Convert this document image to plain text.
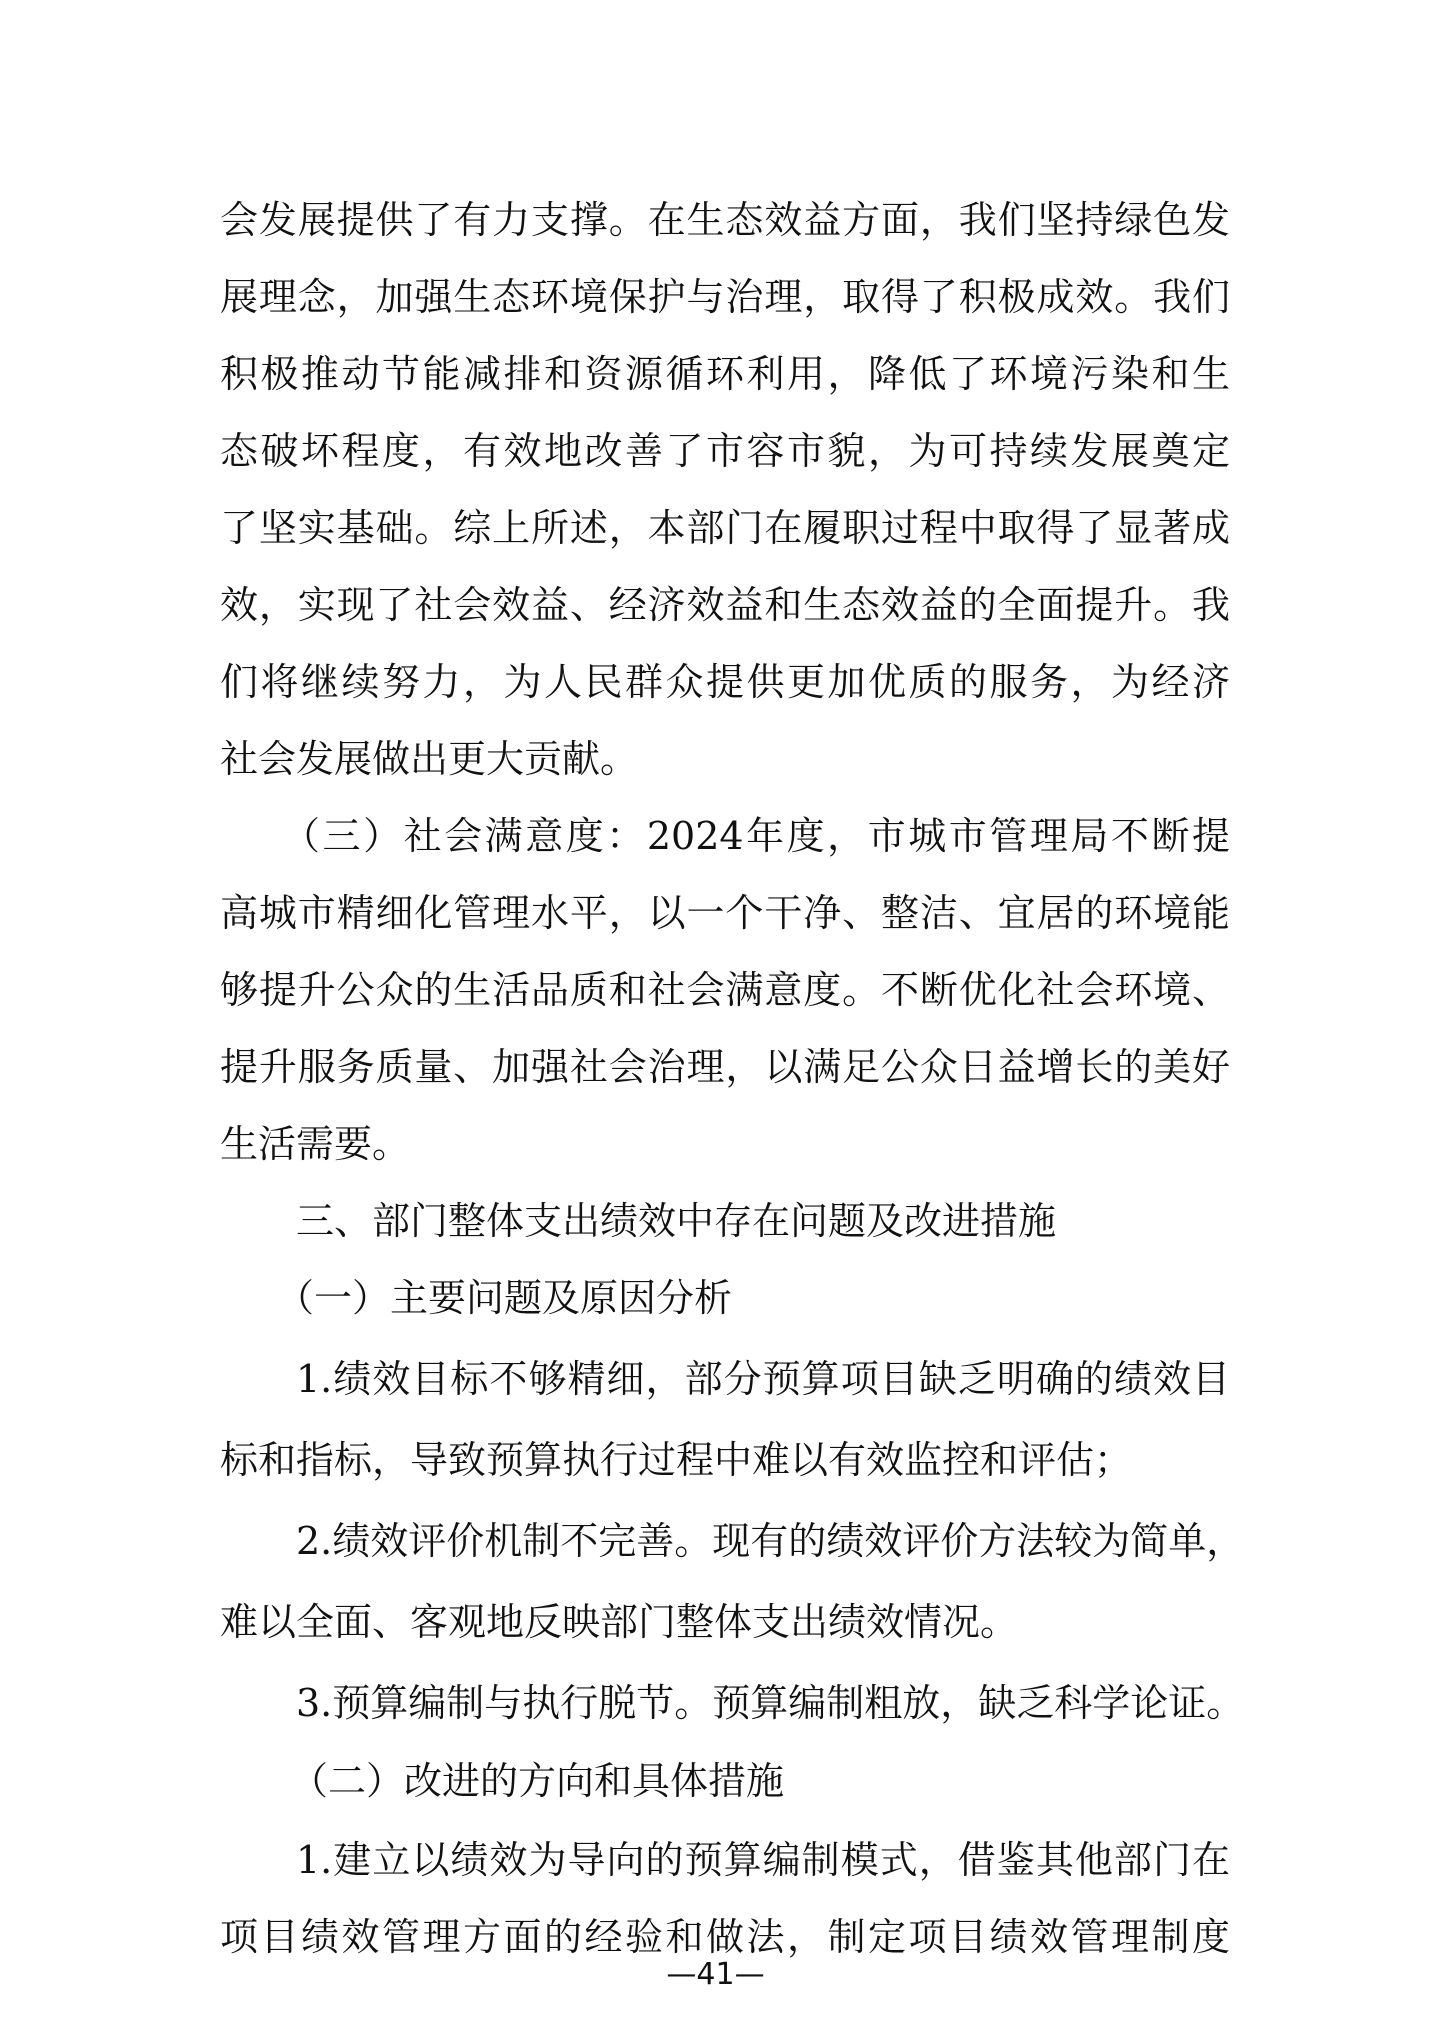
会发展提供了有力支撑。在生态效益方面，我们坚持绿色发
展理念，加强生态环境保护与治理，取得了积极成效。我们
积极推动节能减排和资源循环利用，降低了环境污染和生
态破坏程度，有效地改善了市容市貌，为可持续发展奠定
了坚实基础。综上所述，本部门在履职过程中取得了显著成
效，实现了社会效益、经济效益和生态效益的全面提升。我
们将继续努力，为人民群众提供更加优质的服务，为经济
社会发展做出更大贡献。
（三）社会满意度：2024年度，市城市管理局不断提
高城市精细化管理水平，以一个干净、整洁、宜居的环境能
够提升公众的生活品质和社会满意度。不断优化社会环境、
提升服务质量、加强社会治理，以满足公众日益增长的美好
生活需要。
三、部门整体支出绩效中存在问题及改进措施
（一）主要问题及原因分析
1.绩效目标不够精细，部分预算项目缺乏明确的绩效目
标和指标，导致预算执行过程中难以有效监控和评估；
2.绩效评价机制不完善。现有的绩效评价方法较为简单，
难以全面、客观地反映部门整体支出绩效情况。
3.预算编制与执行脱节。预算编制粗放，缺乏科学论证。
（二）改进的方向和具体措施
—41—
1.建立以绩效为导向的预算编制模式，借鉴其他部门在
项目绩效管理方面的经验和做法，制定项目绩效管理制度
